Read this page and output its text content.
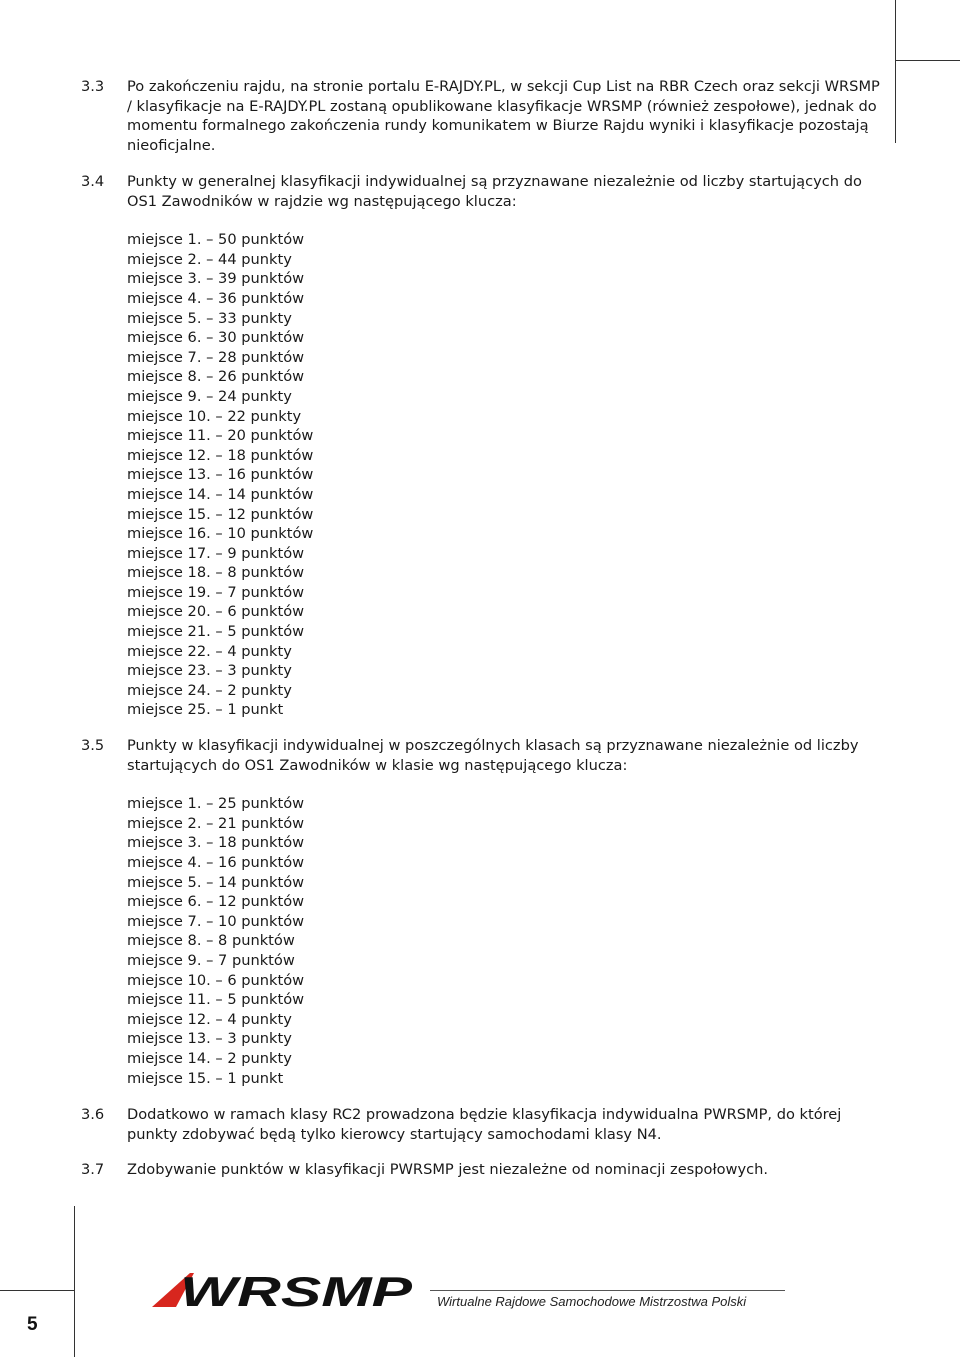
3.3 Po zakończeniu rajdu, na stronie portalu E-RAJDY.PL, w sekcji Cup List na RBR Czech oraz sekcji WRSMP / klasyfikacje na E-RAJDY.PL zostaną opublikowane klasyfikacje WRSMP (również zespołowe), jednak do momentu formalnego zakończenia rundy komunikatem w Biurze Rajdu wyniki i klasyfikacje pozostają nieoficjalne.

3.4 Punkty w generalnej klasyfikacji indywidualnej są przyznawane niezależnie od liczby startujących do OS1 Zawodników w rajdzie wg następującego klucza:

miejsce 1. – 50 punktów
miejsce 2. – 44 punkty
miejsce 3. – 39 punktów
miejsce 4. – 36 punktów
miejsce 5. – 33 punkty
miejsce 6. – 30 punktów
miejsce 7. – 28 punktów
miejsce 8. – 26 punktów
miejsce 9. – 24 punkty
miejsce 10. – 22 punkty
miejsce 11. – 20 punktów
miejsce 12. – 18 punktów
miejsce 13. – 16 punktów
miejsce 14. – 14 punktów
miejsce 15. – 12 punktów
miejsce 16. – 10 punktów
miejsce 17. – 9 punktów
miejsce 18. – 8 punktów
miejsce 19. – 7 punktów
miejsce 20. – 6 punktów
miejsce 21. – 5 punktów
miejsce 22. – 4 punkty
miejsce 23. – 3 punkty
miejsce 24. – 2 punkty
miejsce 25. – 1 punkt
3.5 Punkty w klasyfikacji indywidualnej w poszczególnych klasach są przyznawane niezależnie od liczby startujących do OS1 Zawodników w klasie wg następującego klucza:

miejsce 1. – 25 punktów
miejsce 2. – 21 punktów
miejsce 3. – 18 punktów
miejsce 4. – 16 punktów
miejsce 5. – 14 punktów
miejsce 6. – 12 punktów
miejsce 7. – 10 punktów
miejsce 8. – 8 punktów
miejsce 9. – 7 punktów
miejsce 10. – 6 punktów
miejsce 11. – 5 punktów
miejsce 12. – 4 punkty
miejsce 13. – 3 punkty
miejsce 14. – 2 punkty
miejsce 15. – 1 punkt
3.6 Dodatkowo w ramach klasy RC2 prowadzona będzie klasyfikacja indywidualna PWRSMP, do której punkty zdobywać będą tylko kierowcy startujący samochodami klasy N4.

3.7 Zdobywanie punktów w klasyfikacji PWRSMP jest niezależne od nominacji zespołowych.

WRSMP Wirtualne Rajdowe Samochodowe Mistrzostwa Polski
5
